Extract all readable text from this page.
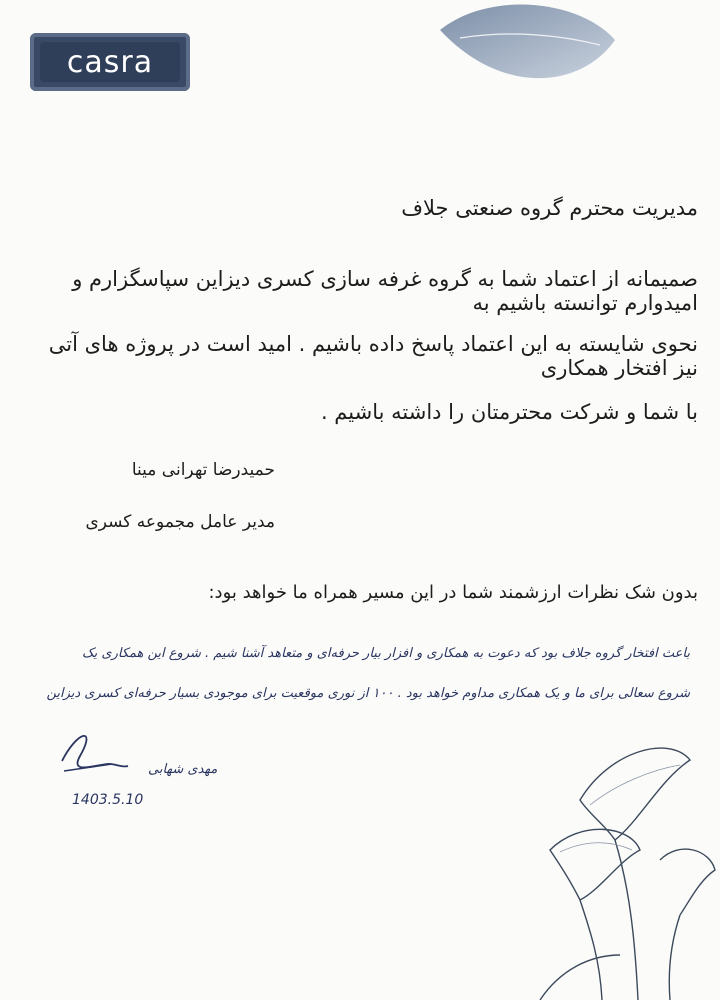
casra
مدیریت محترم گروه صنعتی جلاف
صمیمانه از اعتماد شما به گروه غرفه سازی کسری دیزاین سپاسگزارم و امیدوارم توانسته باشیم به
نحوی شایسته به این اعتماد پاسخ داده باشیم . امید است در پروژه های آتی نیز افتخار همکاری
با شما و شرکت محترمتان را داشته باشیم .
حمیدرضا تهرانی مینا
مدیر عامل مجموعه کسری
بدون شک نظرات ارزشمند شما در این مسیر همراه ما خواهد بود:
باعث افتخار گروه جلاف بود که دعوت به همکاری و افزار بیار حرفه‌ای و متعاهد آشنا شیم . شروع این همکاری یک
شروع سعالی برای ما و یک همکاری مداوم خواهد بود . ۱۰۰ از نوری موقعیت برای موجودی بسیار حرفه‌ای کسری دیزاین
مهدی شهابی
1403.5.10
